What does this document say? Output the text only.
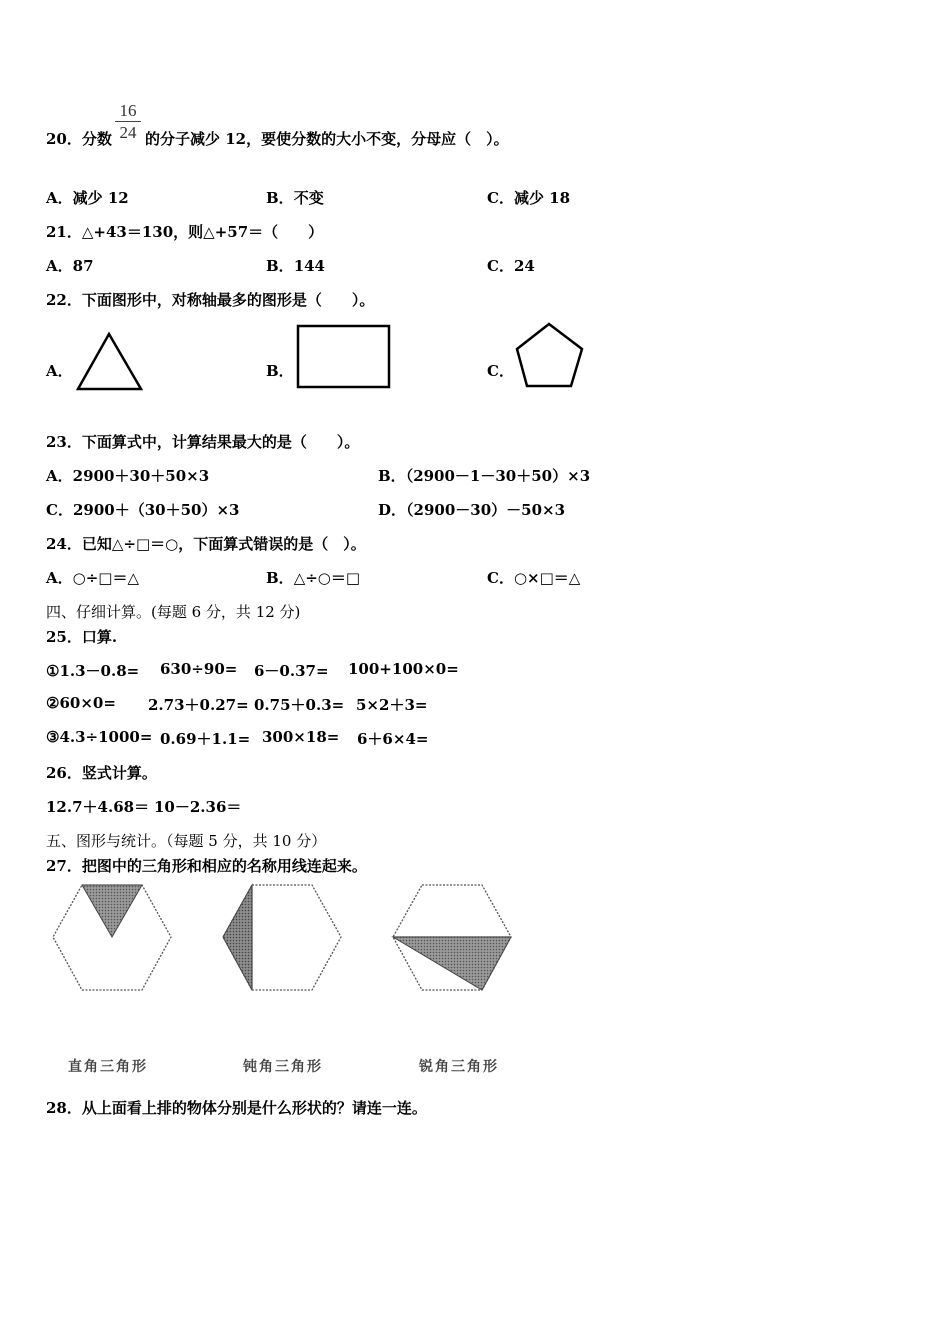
16
24
20．分数 的分子减少 12，要使分数的大小不变，分母应（　）。
A．减少 12	B．不变	C．减少 18
21．△+43＝130，则△+57＝（　　）
A．87	B．144	C．24
22．下面图形中，对称轴最多的图形是（　　）。
A．	B．	C．
23．下面算式中，计算结果最大的是（　　）。
A．2900＋30＋50×3	B．（2900－1－30＋50）×3
C．2900＋（30＋50）×3	D．（2900－30）－50×3
24．已知△÷□＝○，下面算式错误的是（　）。
A．○÷□＝△	B．△÷○＝□	C．○×□＝△
四、仔细计算。(每题 6 分，共 12 分)
25．口算.
①1.3－0.8= 630÷90= 6－0.37= 100+100×0=
②60×0= 2.73＋0.27= 0.75＋0.3= 5×2＋3=
③4.3÷1000= 0.69＋1.1= 300×18= 6＋6×4=
26．竖式计算。
12.7＋4.68＝ 10－2.36＝
五、图形与统计。（每题 5 分，共 10 分）
27．把图中的三角形和相应的名称用线连起来。
直角三角形	钝角三角形	锐角三角形
28．从上面看上排的物体分别是什么形状的？请连一连。
